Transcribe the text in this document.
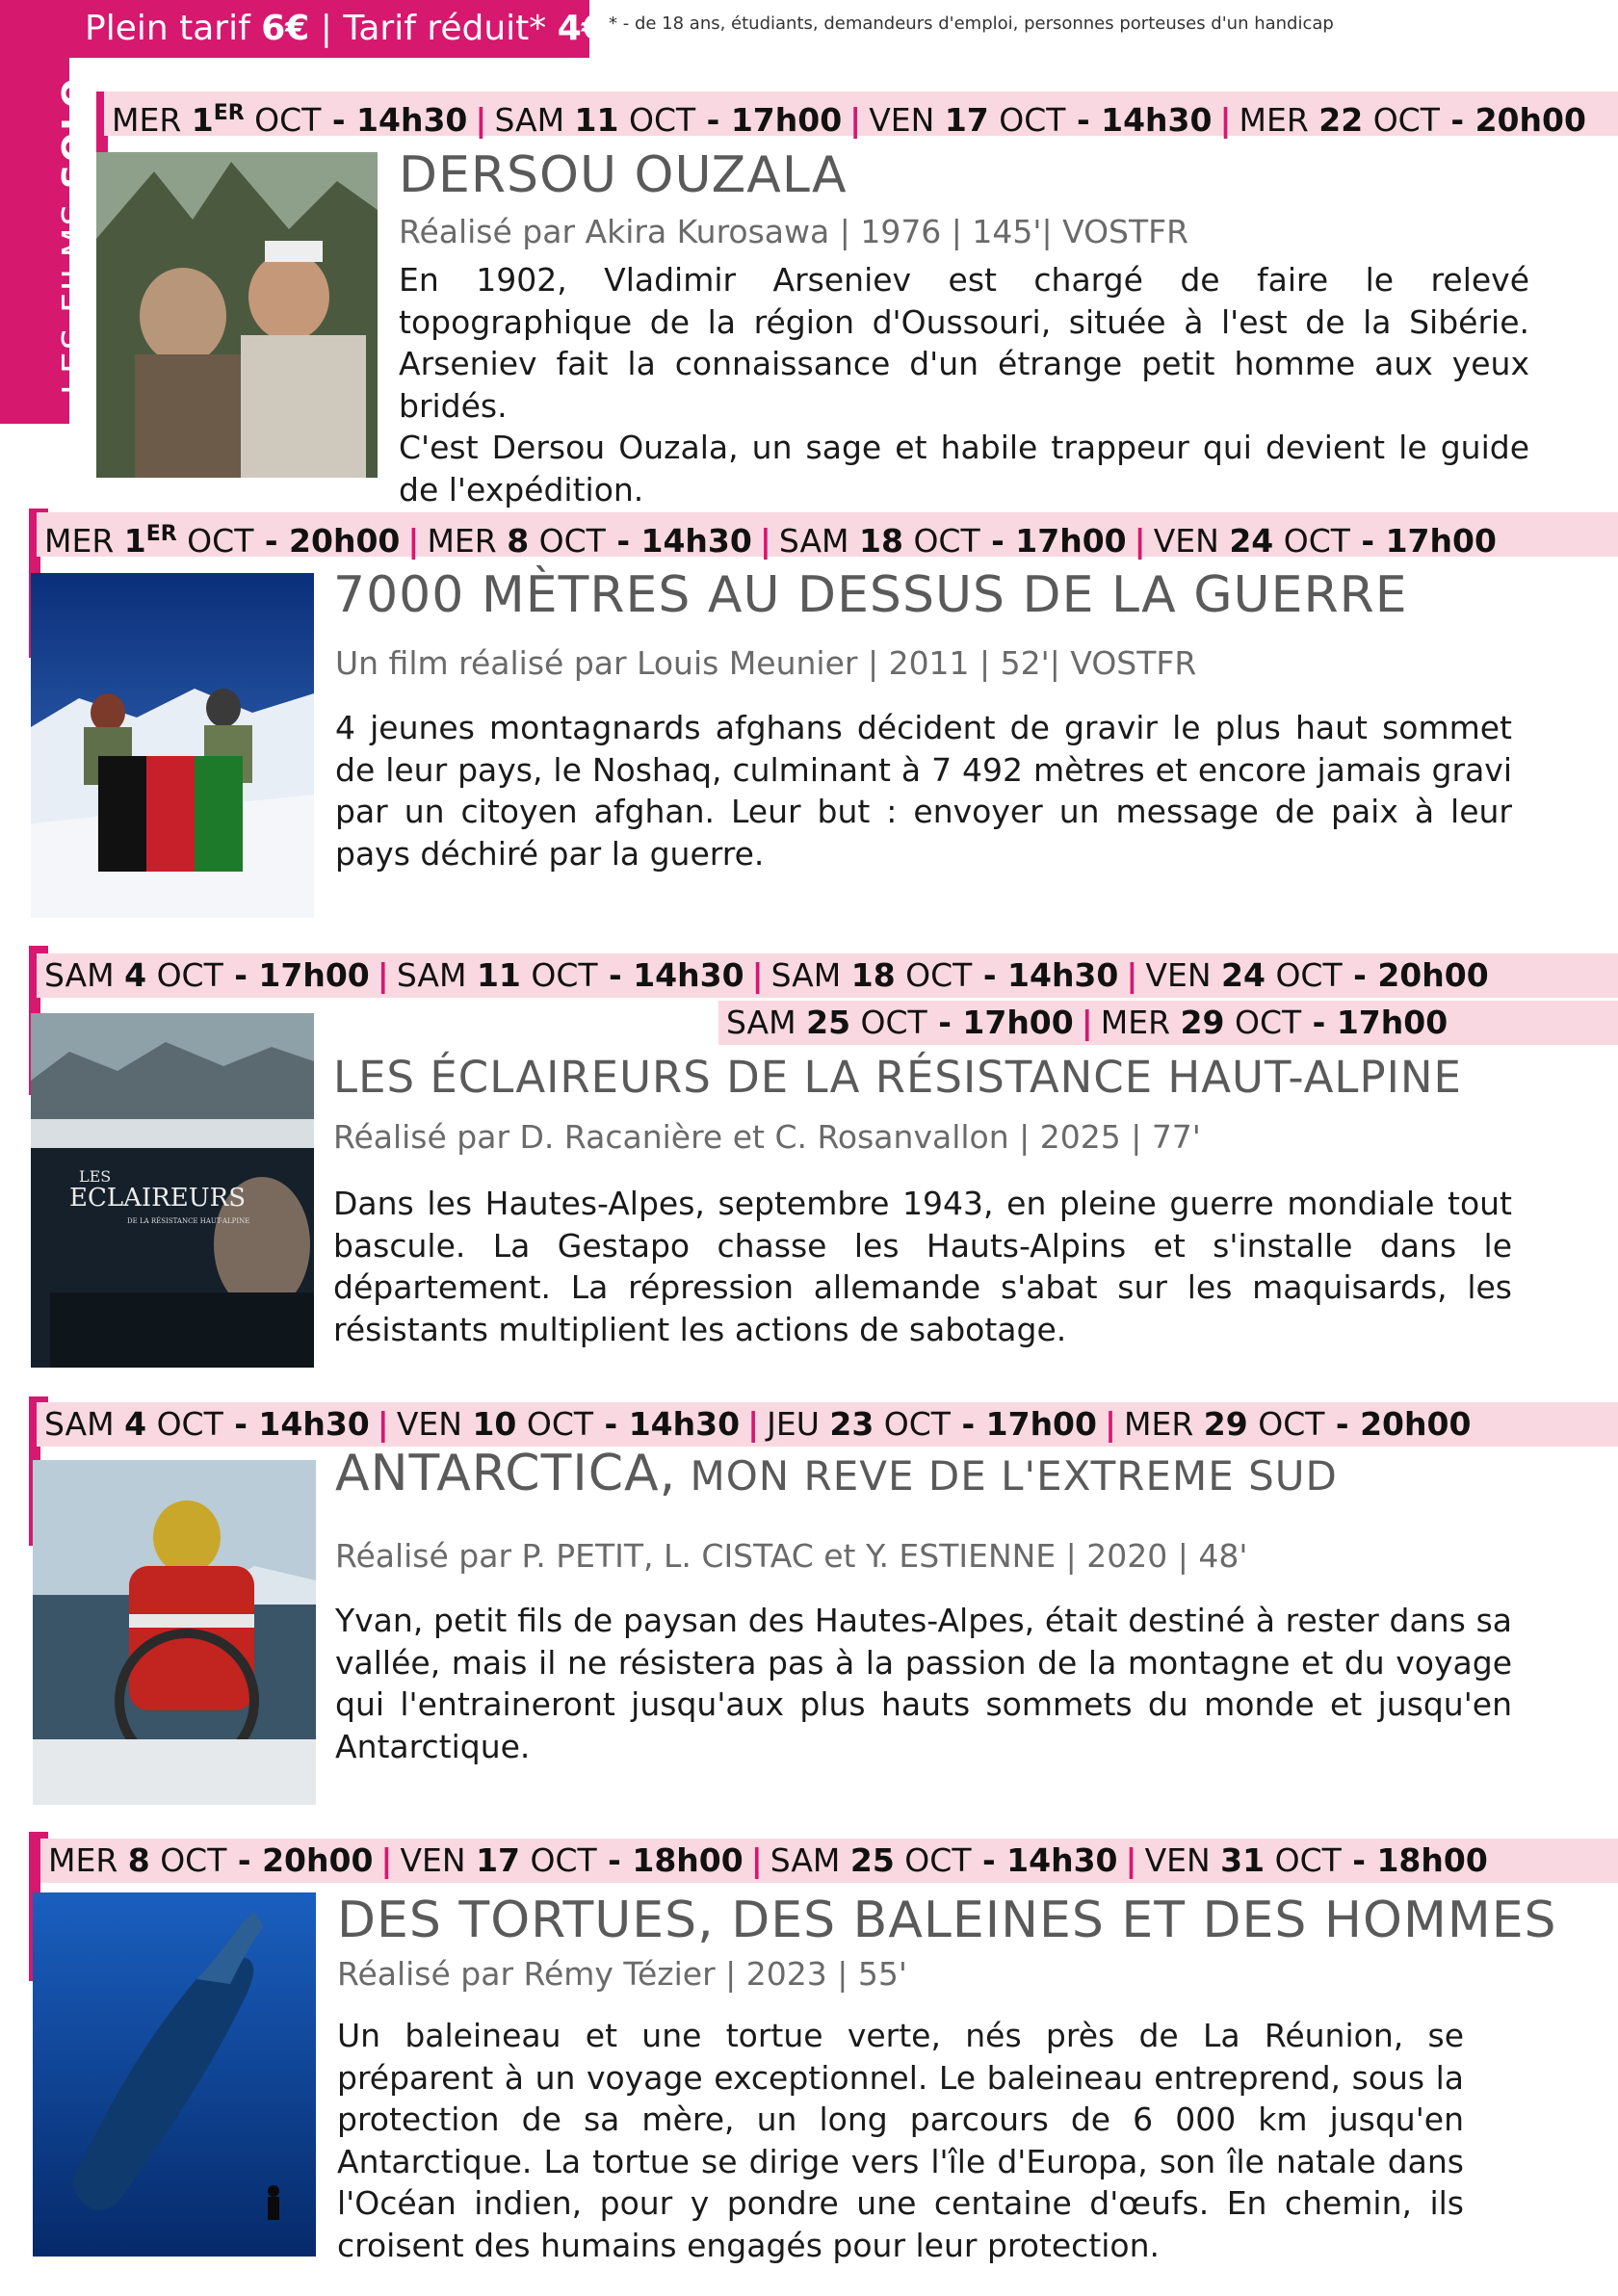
LES FILMS SOLO
Plein tarif 6€ | Tarif réduit* 4€ * - de 18 ans, étudiants, demandeurs d'emploi, personnes porteuses d'un handicap
MER 1ER OCT - 14h30 | SAM 11 OCT - 17h00 | VEN 17 OCT - 14h30 | MER 22 OCT - 20h00
DERSOU OUZALA
Réalisé par Akira Kurosawa | 1976 | 145'| VOSTFR

En 1902, Vladimir Arseniev est chargé de faire le relevé topographique de la région d'Oussouri, située à l'est de la Sibérie. Arseniev fait la connaissance d'un étrange petit homme aux yeux bridés.

C'est Dersou Ouzala, un sage et habile trappeur qui devient le guide de l'expédition.

MER 1ER OCT - 20h00 | MER 8 OCT - 14h30 | SAM 18 OCT - 17h00 | VEN 24 OCT - 17h00
7000 MÈTRES AU DESSUS DE LA GUERRE
Un film réalisé par Louis Meunier | 2011 | 52'| VOSTFR

4 jeunes montagnards afghans décident de gravir le plus haut sommet de leur pays, le Noshaq, culminant à 7 492 mètres et encore jamais gravi par un citoyen afghan. Leur but : envoyer un message de paix à leur pays déchiré par la guerre.

SAM 4 OCT - 17h00 | SAM 11 OCT - 14h30 | SAM 18 OCT - 14h30 | VEN 24 OCT - 20h00
SAM 25 OCT - 17h00 | MER 29 OCT - 17h00
LES
ECLAIREURS
DE LA RÉSISTANCE HAUT-ALPINE
LES ÉCLAIREURS DE LA RÉSISTANCE HAUT-ALPINE
Réalisé par D. Racanière et C. Rosanvallon | 2025 | 77'

Dans les Hautes-Alpes, septembre 1943, en pleine guerre mondiale tout bascule. La Gestapo chasse les Hauts-Alpins et s'installe dans le département. La répression allemande s'abat sur les maquisards, les résistants multiplient les actions de sabotage.

SAM 4 OCT - 14h30 | VEN 10 OCT - 14h30 | JEU 23 OCT - 17h00 | MER 29 OCT - 20h00
ANTARCTICA, MON REVE DE L'EXTREME SUD
Réalisé par P. PETIT, L. CISTAC et Y. ESTIENNE | 2020 | 48'

Yvan, petit fils de paysan des Hautes-Alpes, était destiné à rester dans sa vallée, mais il ne résistera pas à la passion de la montagne et du voyage qui l'entraineront jusqu'aux plus hauts sommets du monde et jusqu'en Antarctique.

MER 8 OCT - 20h00 | VEN 17 OCT - 18h00 | SAM 25 OCT - 14h30 | VEN 31 OCT - 18h00
DES TORTUES, DES BALEINES ET DES HOMMES
Réalisé par Rémy Tézier | 2023 | 55'

Un baleineau et une tortue verte, nés près de La Réunion, se préparent à un voyage exceptionnel. Le baleineau entreprend, sous la protection de sa mère, un long parcours de 6 000 km jusqu'en Antarctique. La tortue se dirige vers l'île d'Europa, son île natale dans l'Océan indien, pour y pondre une centaine d'œufs. En chemin, ils croisent des humains engagés pour leur protection.
